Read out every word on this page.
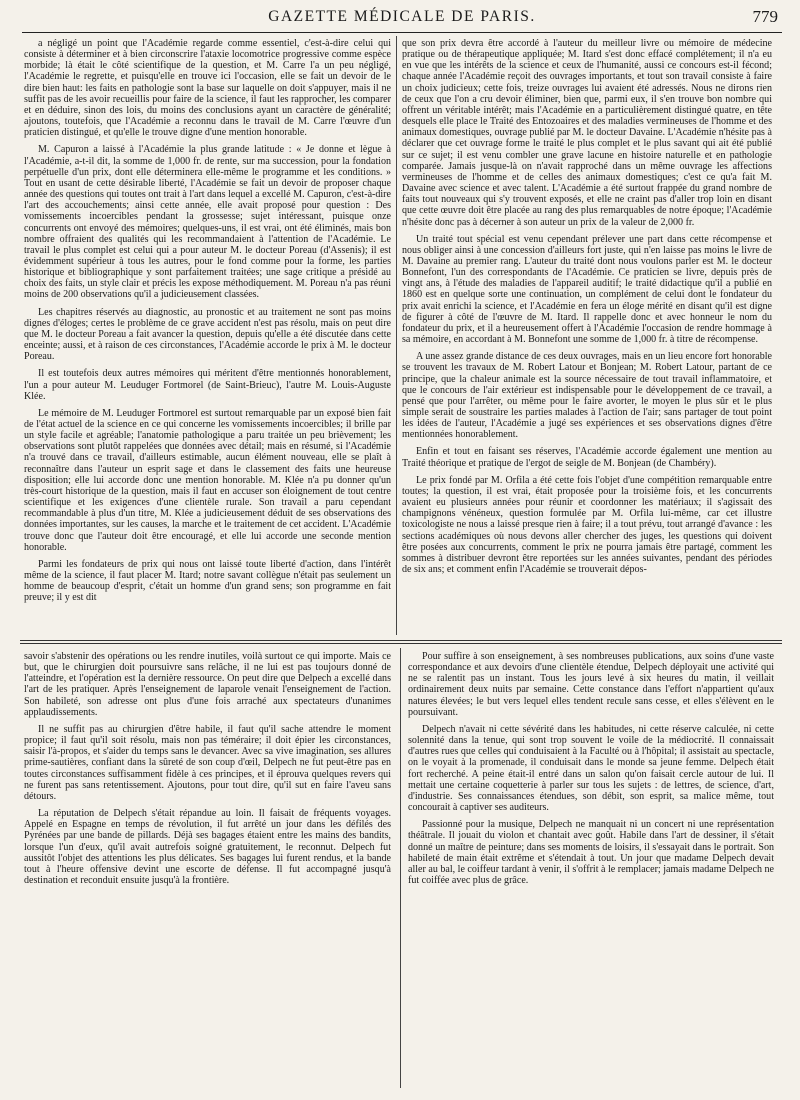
GAZETTE MÉDICALE DE PARIS.	779

a négligé un point que l'Académie regarde comme essentiel, c'est-à-dire celui qui consiste à déterminer et à bien circonscrire l'ataxie locomotrice progressive comme espèce morbide; là était le côté scientifique de la question, et M. Carre l'a un peu négligé, l'Académie le regrette, et puisqu'elle en trouve ici l'occasion, elle se fait un devoir de le dire bien haut: les faits en pathologie sont la base sur laquelle on doit s'appuyer, mais il ne suffit pas de les avoir recueillis pour faire de la science, il faut les rapprocher, les comparer et en déduire, sinon des lois, du moins des conclusions ayant un caractère de généralité; ajoutons, toutefois, que l'Académie a reconnu dans le travail de M. Carre l'œuvre d'un praticien distingué, et qu'elle le trouve digne d'une mention honorable.

M. Capuron a laissé à l'Académie la plus grande latitude : « Je donne et lègue à l'Académie, a-t-il dit, la somme de 1,000 fr. de rente, sur ma succession, pour la fondation perpétuelle d'un prix, dont elle déterminera elle-même le programme et les conditions. » Tout en usant de cette désirable liberté, l'Académie se fait un devoir de proposer chaque année des questions qui toutes ont trait à l'art dans lequel a excellé M. Capuron, c'est-à-dire l'art des accouchements; ainsi cette année, elle avait proposé pour question : Des vomissements incoercibles pendant la grossesse; sujet intéressant, puisque onze concurrents ont envoyé des mémoires; quelques-uns, il est vrai, ont été éliminés, mais bon nombre offraient des qualités qui les recommandaient à l'attention de l'Académie. Le travail le plus complet est celui qui a pour auteur M. le docteur Poreau (d'Assenis); il est évidemment supérieur à tous les autres, pour le fond comme pour la forme, les parties historique et bibliographique y sont parfaitement traitées; une sage critique a présidé au choix des faits, un style clair et précis les expose méthodiquement. M. Poreau n'a pas réuni moins de 200 observations qu'il a judicieusement classées.

Les chapitres réservés au diagnostic, au pronostic et au traitement ne sont pas moins dignes d'éloges; certes le problème de ce grave accident n'est pas résolu, mais on peut dire que M. le docteur Poreau a fait avancer la question, depuis qu'elle a été discutée dans cette enceinte; aussi, et à raison de ces circonstances, l'Académie accorde le prix à M. le docteur Poreau.

Il est toutefois deux autres mémoires qui méritent d'être mentionnés honorablement, l'un a pour auteur M. Leuduger Fortmorel (de Saint-Brieuc), l'autre M. Louis-Auguste Klée.

Le mémoire de M. Leuduger Fortmorel est surtout remarquable par un exposé bien fait de l'état actuel de la science en ce qui concerne les vomissements incoercibles; il brille par un style facile et agréable; l'anatomie pathologique a paru traitée un peu brièvement; les observations sont plutôt rappelées que données avec détail; mais en résumé, si l'Académie n'a trouvé dans ce travail, d'ailleurs estimable, aucun élément nouveau, elle se plaît à reconnaître dans l'auteur un esprit sage et dans le classement des faits une heureuse disposition; elle lui accorde donc une mention honorable. M. Klée n'a pu donner qu'un très-court historique de la question, mais il faut en accuser son éloignement de tout centre scientifique et les exigences d'une clientèle rurale. Son travail a paru cependant recommandable à plus d'un titre, M. Klée a judicieusement déduit de ses observations des données importantes, sur les causes, la marche et le traitement de cet accident. L'Académie trouve donc que l'auteur doit être encouragé, et elle lui accorde une seconde mention honorable.

Parmi les fondateurs de prix qui nous ont laissé toute liberté d'action, dans l'intérêt même de la science, il faut placer M. Itard; notre savant collègue n'était pas seulement un homme de beaucoup d'esprit, c'était un homme d'un grand sens; son programme en fait preuve; il y est dit

que son prix devra être accordé à l'auteur du meilleur livre ou mémoire de médecine pratique ou de thérapeutique appliquée; M. Itard s'est donc effacé complétement; il n'a eu en vue que les intérêts de la science et ceux de l'humanité, aussi ce concours est-il fécond; chaque année l'Académie reçoit des ouvrages importants, et tout son travail consiste à faire un choix judicieux; cette fois, treize ouvrages lui avaient été adressés. Nous ne dirons rien de ceux que l'on a cru devoir éliminer, bien que, parmi eux, il s'en trouve bon nombre qui offrent un véritable intérêt; mais l'Académie en a particulièrement distingué quatre, en tête desquels elle place le Traité des Entozoaires et des maladies vermineuses de l'homme et des animaux domestiques, ouvrage publié par M. le docteur Davaine. L'Académie n'hésite pas à déclarer que cet ouvrage forme le traité le plus complet et le plus savant qui ait été publié sur ce sujet; il est venu combler une grave lacune en histoire naturelle et en pathologie comparée. Jamais jusque-là on n'avait rapproché dans un même ouvrage les affections vermineuses de l'homme et de celles des animaux domestiques; c'est ce qu'a fait M. Davaine avec science et avec talent. L'Académie a été surtout frappée du grand nombre de faits tout nouveaux qui s'y trouvent exposés, et elle ne craint pas d'aller trop loin en disant que cette œuvre doit être placée au rang des plus remarquables de notre époque; l'Académie n'hésite donc pas à décerner à son auteur un prix de la valeur de 2,000 fr.

Un traité tout spécial est venu cependant prélever une part dans cette récompense et nous obliger ainsi à une concession d'ailleurs fort juste, qui n'en laisse pas moins le livre de M. Davaine au premier rang. L'auteur du traité dont nous voulons parler est M. le docteur Bonnefont, l'un des correspondants de l'Académie. Ce praticien se livre, depuis près de vingt ans, à l'étude des maladies de l'appareil auditif; le traité didactique qu'il a publié en 1860 est en quelque sorte une continuation, un complément de celui dont le fondateur du prix avait enrichi la science, et l'Académie en fera un éloge mérité en disant qu'il est digne de figurer à côté de l'œuvre de M. Itard. Il rappelle donc et avec honneur le nom du fondateur du prix, et il a heureusement offert à l'Académie l'occasion de rendre hommage à sa mémoire, en accordant à M. Bonnefont une somme de 1,000 fr. à titre de récompense.

A une assez grande distance de ces deux ouvrages, mais en un lieu encore fort honorable se trouvent les travaux de M. Robert Latour et Bonjean; M. Robert Latour, partant de ce principe, que la chaleur animale est la source nécessaire de tout travail inflammatoire, et que le concours de l'air extérieur est indispensable pour le développement de ce travail, a pensé que pour l'arrêter, ou même pour le faire avorter, le moyen le plus sûr et le plus simple serait de soustraire les parties malades à l'action de l'air; sans partager de tout point les idées de l'auteur, l'Académie a jugé ses expériences et ses observations dignes d'être mentionnées honorablement.

Enfin et tout en faisant ses réserves, l'Académie accorde également une mention au Traité théorique et pratique de l'ergot de seigle de M. Bonjean (de Chambéry).

Le prix fondé par M. Orfila a été cette fois l'objet d'une compétition remarquable entre toutes; la question, il est vrai, était proposée pour la troisième fois, et les concurrents avaient eu plusieurs années pour réunir et coordonner les matériaux; il s'agissait des champignons vénéneux, question formulée par M. Orfila lui-même, car cet illustre toxicologiste ne nous a laissé presque rien à faire; il a tout prévu, tout arrangé d'avance : les sections académiques où nous devons aller chercher des juges, les questions qui doivent être posées aux concurrents, comment le prix ne pourra jamais être partagé, comment les sommes à distribuer devront être reportées sur les années suivantes, pendant des périodes de six ans; et comment enfin l'Académie se trouverait dépos-

savoir s'abstenir des opérations ou les rendre inutiles, voilà surtout ce qui importe. Mais ce but, que le chirurgien doit poursuivre sans relâche, il ne lui est pas toujours donné de l'atteindre, et l'opération est la dernière ressource. On peut dire que Delpech a excellé dans l'art de les pratiquer. Après l'enseignement de laparole venait l'enseignement de l'action. Son habileté, son adresse ont plus d'une fois arraché aux spectateurs d'unanimes applaudissements.

Il ne suffit pas au chirurgien d'être habile, il faut qu'il sache attendre le moment propice; il faut qu'il soit résolu, mais non pas téméraire; il doit épier les circonstances, saisir l'à-propos, et s'aider du temps sans le devancer. Avec sa vive imagination, ses allures prime-sautières, confiant dans la sûreté de son coup d'œil, Delpech ne fut peut-être pas en toutes circonstances suffisamment fidèle à ces principes, et il éprouva quelques revers qui ne furent pas sans retentissement. Ajoutons, pour tout dire, qu'il sut en faire l'aveu sans détours.

La réputation de Delpech s'était répandue au loin. Il faisait de fréquents voyages. Appelé en Espagne en temps de révolution, il fut arrêté un jour dans les défilés des Pyrénées par une bande de pillards. Déjà ses bagages étaient entre les mains des bandits, lorsque l'un d'eux, qu'il avait autrefois soigné gratuitement, le reconnut. Delpech fut aussitôt l'objet des attentions les plus délicates. Ses bagages lui furent rendus, et la bande tout à l'heure offensive devint une escorte de défense. Il fut accompagné jusqu'à destination et reconduit ensuite jusqu'à la frontière.

Pour suffire à son enseignement, à ses nombreuses publications, aux soins d'une vaste correspondance et aux devoirs d'une clientèle étendue, Delpech déployait une activité qui ne se ralentit pas un instant. Tous les jours levé à six heures du matin, il veillait ordinairement deux nuits par semaine. Cette constance dans l'effort n'appartient qu'aux natures élevées; le but vers lequel elles tendent recule sans cesse, et elles s'élèvent en le poursuivant.

Delpech n'avait ni cette sévérité dans les habitudes, ni cette réserve calculée, ni cette solennité dans la tenue, qui sont trop souvent le voile de la médiocrité. Il connaissait d'autres rues que celles qui conduisaient à la Faculté ou à l'hôpital; il assistait au spectacle, on le voyait à la promenade, il conduisait dans le monde sa jeune femme. Delpech était fort recherché. A peine était-il entré dans un salon qu'on faisait cercle autour de lui. Il mettait une certaine coquetterie à parler sur tous les sujets : de lettres, de science, d'art, d'industrie. Ses connaissances étendues, son débit, son esprit, sa malice même, tout concourait à captiver ses auditeurs.

Passionné pour la musique, Delpech ne manquait ni un concert ni une représentation théâtrale. Il jouait du violon et chantait avec goût. Habile dans l'art de dessiner, il s'était donné un maître de peinture; dans ses moments de loisirs, il s'essayait dans le portrait. Son habileté de main était extrême et s'étendait à tout. Un jour que madame Delpech devait aller au bal, le coiffeur tardant à venir, il s'offrit à le remplacer; jamais madame Delpech ne fut coiffée avec plus de grâce.
